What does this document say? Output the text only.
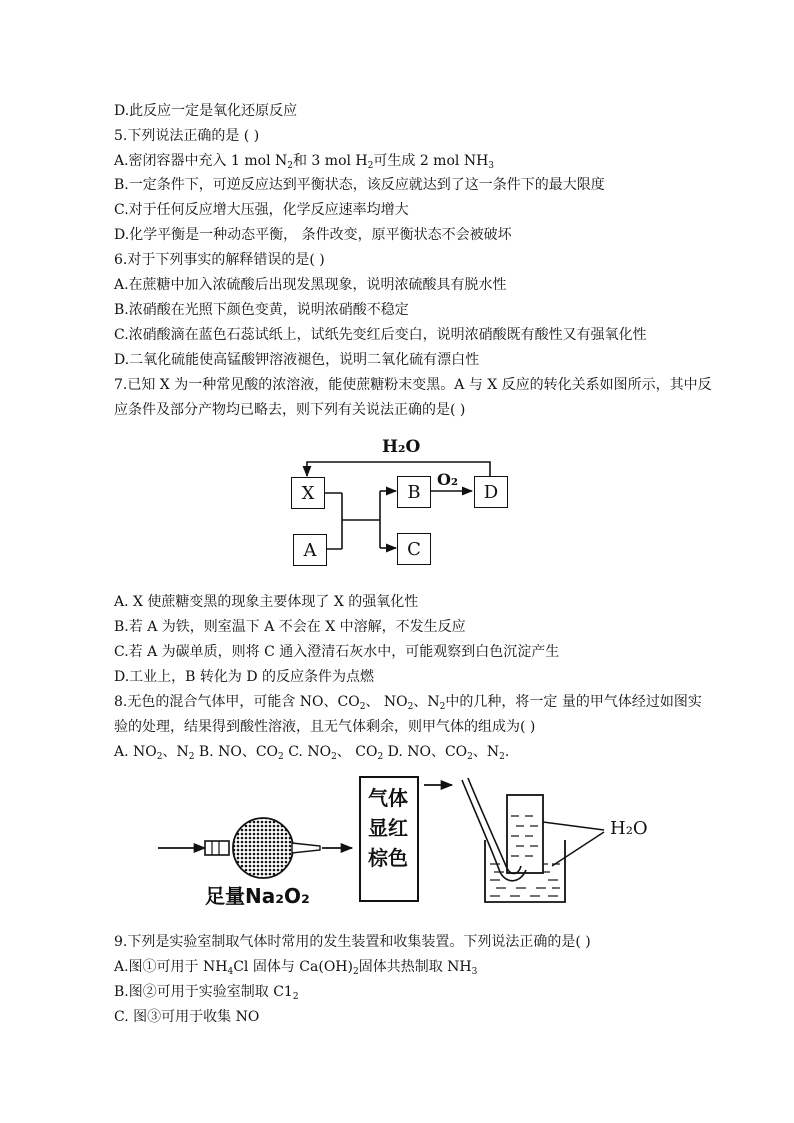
D.此反应一定是氧化还原反应
5.下列说法正确的是 ( )
A.密闭容器中充入 1 mol $N_2$和 3 mol $H_2$可生成 2 mol $NH_3$
B.一定条件下，可逆反应达到平衡状态，该反应就达到了这一条件下的最大限度
C.对于任何反应增大压强，化学反应速率均增大
D.化学平衡是一种动态平衡， 条件改变，原平衡状态不会被破坏
6.对于下列事实的解释错误的是( )
A.在蔗糖中加入浓硫酸后出现发黑现象，说明浓硫酸具有脱水性
B.浓硝酸在光照下颜色变黄，说明浓硝酸不稳定
C.浓硝酸滴在蓝色石蕊试纸上，试纸先变红后变白，说明浓硝酸既有酸性又有强氧化性
D.二氧化硫能使高锰酸钾溶液褪色，说明二氧化硫有漂白性
7.已知 X 为一种常见酸的浓溶液，能使蔗糖粉末变黑。A 与 X 反应的转化关系如图所示，其中反
应条件及部分产物均已略去，则下列有关说法正确的是( )
A. X 使蔗糖变黑的现象主要体现了 X 的强氧化性
B.若 A 为铁，则室温下 A 不会在 X 中溶解，不发生反应
C.若 A 为碳单质，则将 C 通入澄清石灰水中，可能观察到白色沉淀产生
D.工业上，B 转化为 D 的反应条件为点燃
8.无色的混合气体甲，可能含 NO、$CO_2$、 $NO_2$、$N_2$中的几种，将一定 量的甲气体经过如图实
验的处理，结果得到酸性溶液，且无气体剩余，则甲气体的组成为( )
A. $NO_2$、$N_2$ B. NO、$CO_2$ C. $NO_2$、 $CO_2$ D. NO、$CO_2$、$N_2$.
9.下列是实验室制取气体时常用的发生装置和收集装置。下列说法正确的是( )
A.图①可用于 $NH_4Cl$ 固体与 $Ca(OH)_2$固体共热制取 $NH_3$
B.图②可用于实验室制取 $C1_2$
C. 图③可用于收集 NO
X
A
B
C
D
H₂O
O₂
气体
显红
棕色
足量Na₂O₂
H₂O
